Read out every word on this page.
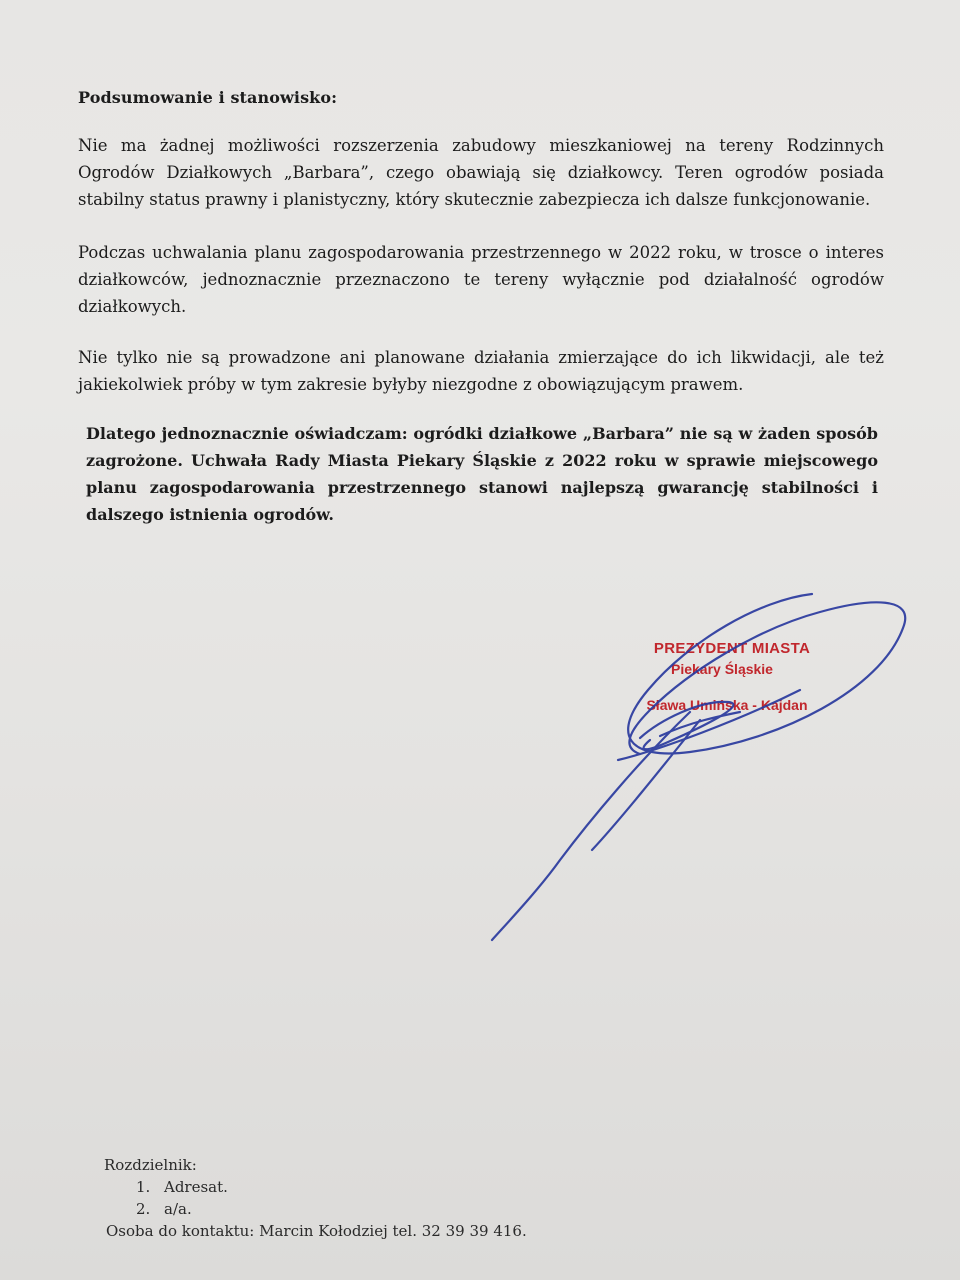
Podsumowanie i stanowisko:
Nie ma żadnej możliwości rozszerzenia zabudowy mieszkaniowej na tereny Rodzinnych Ogrodów Działkowych „Barbara”, czego obawiają się działkowcy. Teren ogrodów posiada stabilny status prawny i planistyczny, który skutecznie zabezpiecza ich dalsze funkcjonowanie.
Podczas uchwalania planu zagospodarowania przestrzennego w 2022 roku, w trosce o interes działkowców, jednoznacznie przeznaczono te tereny wyłącznie pod działalność ogrodów działkowych.
Nie tylko nie są prowadzone ani planowane działania zmierzające do ich likwidacji, ale też jakiekolwiek próby w tym zakresie byłyby niezgodne z obowiązującym prawem.
Dlatego jednoznacznie oświadczam: ogródki działkowe „Barbara” nie są w żaden sposób zagrożone. Uchwała Rady Miasta Piekary Śląskie z 2022 roku w sprawie miejscowego planu zagospodarowania przestrzennego stanowi najlepszą gwarancję stabilności i dalszego istnienia ogrodów.
PREZYDENT MIASTA
Piekary Śląskie
Sława Umińska - Kajdan
Rozdzielnik:
1. Adresat.
2. a/a.
Osoba do kontaktu: Marcin Kołodziej tel. 32 39 39 416.
